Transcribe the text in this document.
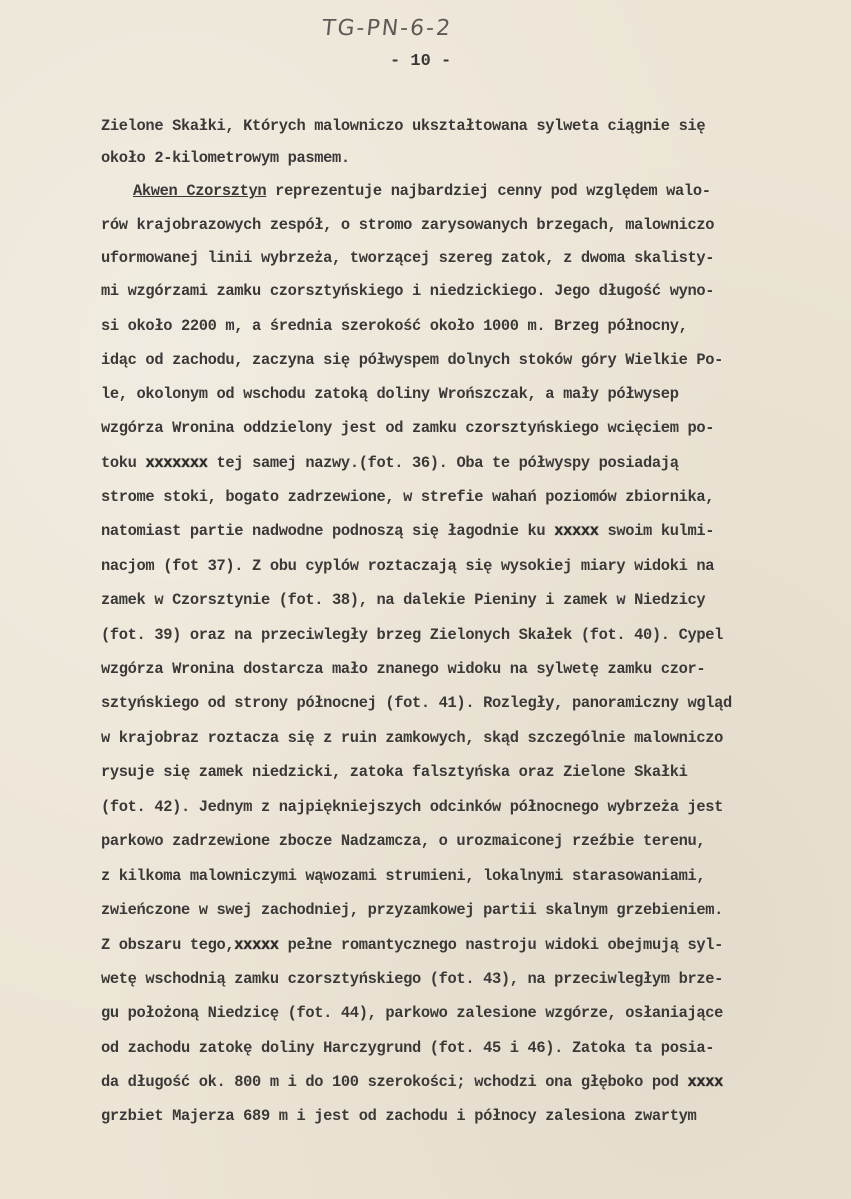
TG-PN-6-2
- 10 -
Zielone Skałki, Których malowniczo ukształtowana sylweta ciągnie się
około 2-kilometrowym pasmem.
Akwen Czorsztyn reprezentuje najbardziej cenny pod względem walo-
rów krajobrazowych zespół, o stromo zarysowanych brzegach, malowniczo
uformowanej linii wybrzeża, tworzącej szereg zatok, z dwoma skalisty-
mi wzgórzami zamku czorsztyńskiego i niedzickiego. Jego długość wyno-
si około 2200 m, a średnia szerokość około 1000 m. Brzeg północny,
idąc od zachodu, zaczyna się półwyspem dolnych stoków góry Wielkie Po-
le, okolonym od wschodu zatoką doliny Wrońszczak, a mały półwysep
wzgórza Wronina oddzielony jest od zamku czorsztyńskiego wcięciem po-
toku xxxxxxx tej samej nazwy.(fot. 36). Oba te półwyspy posiadają
strome stoki, bogato zadrzewione, w strefie wahań poziomów zbiornika,
natomiast partie nadwodne podnoszą się łagodnie ku xxxxx swoim kulmi-
nacjom (fot 37). Z obu cyplów roztaczają się wysokiej miary widoki na
zamek w Czorsztynie (fot. 38), na dalekie Pieniny i zamek w Niedzicy
(fot. 39) oraz na przeciwległy brzeg Zielonych Skałek (fot. 40). Cypel
wzgórza Wronina dostarcza mało znanego widoku na sylwetę zamku czor-
sztyńskiego od strony północnej (fot. 41). Rozległy, panoramiczny wgląd
w krajobraz roztacza się z ruin zamkowych, skąd szczególnie malowniczo
rysuje się zamek niedzicki, zatoka falsztyńska oraz Zielone Skałki
(fot. 42). Jednym z najpiękniejszych odcinków północnego wybrzeża jest
parkowo zadrzewione zbocze Nadzamcza, o urozmaiconej rzeźbie terenu,
z kilkoma malowniczymi wąwozami strumieni, lokalnymi starasowaniami,
zwieńczone w swej zachodniej, przyzamkowej partii skalnym grzebieniem.
Z obszaru tego,xxxxx pełne romantycznego nastroju widoki obejmują syl-
wetę wschodnią zamku czorsztyńskiego (fot. 43), na przeciwległym brze-
gu położoną Niedzicę (fot. 44), parkowo zalesione wzgórze, osłaniające
od zachodu zatokę doliny Harczygrund (fot. 45 i 46). Zatoka ta posia-
da długość ok. 800 m i do 100 szerokości; wchodzi ona głęboko pod xxxx
grzbiet Majerza 689 m i jest od zachodu i północy zalesiona zwartym
